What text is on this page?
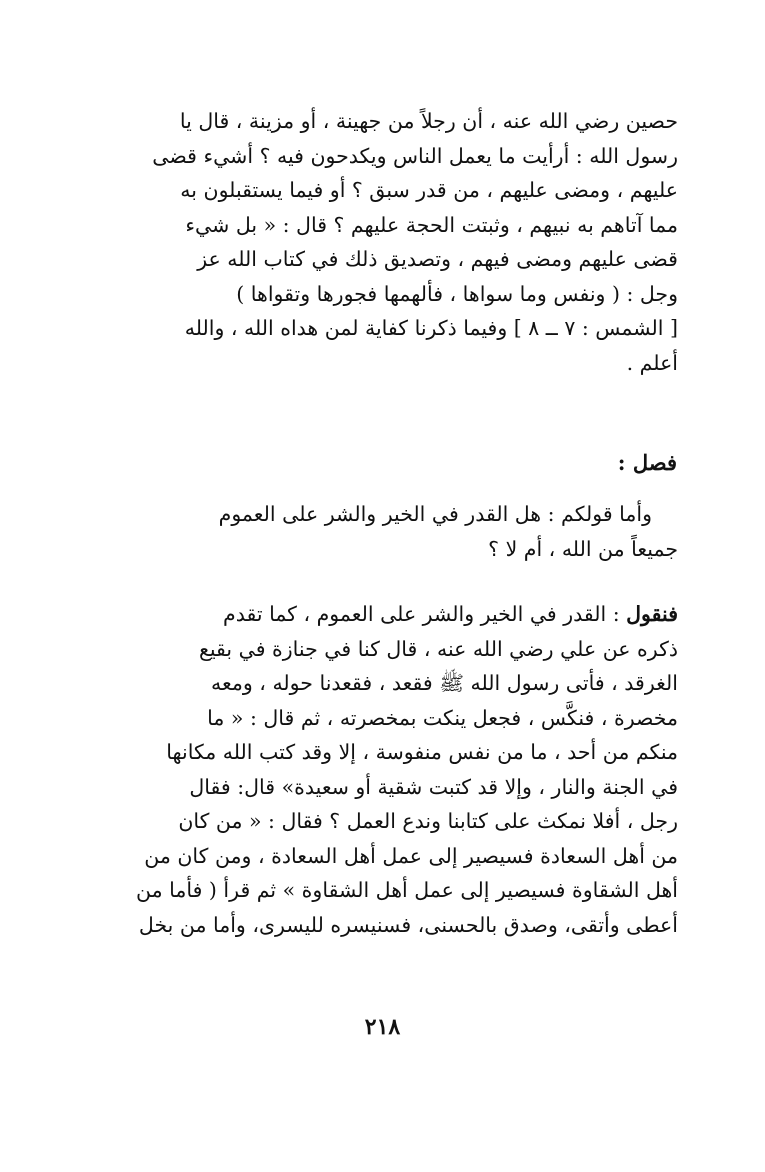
حصين رضي الله عنه ، أن رجلاً من جهينة ، أو مزينة ، قال يا
رسول الله : أرأيت ما يعمل الناس ويكدحون فيه ؟ أشيء قضى
عليهم ، ومضى عليهم ، من قدر سبق ؟ أو فيما يستقبلون به
مما آتاهم به نبيهم ، وثبتت الحجة عليهم ؟ قال : « بل شيء
قضى عليهم ومضى فيهم ، وتصديق ذلك في كتاب الله عز
وجل : ( ونفس وما سواها ، فألهمها فجورها وتقواها )
[ الشمس : ٧ ــ ٨ ] وفيما ذكرنا كفاية لمن هداه الله ، والله
أعلم .
فصل :
وأما قولكم : هل القدر في الخير والشر على العموم
جميعاً من الله ، أم لا ؟
فنقول : القدر في الخير والشر على العموم ، كما تقدم
ذكره عن علي رضي الله عنه ، قال كنا في جنازة في بقيع
الغرقد ، فأتى رسول الله ﷺ فقعد ، فقعدنا حوله ، ومعه
مخصرة ، فنكَّس ، فجعل ينكت بمخصرته ، ثم قال : « ما
منكم من أحد ، ما من نفس منفوسة ، إلا وقد كتب الله مكانها
في الجنة والنار ، وإلا قد كتبت شقية أو سعيدة» قال: فقال
رجل ، أفلا نمكث على كتابنا وندع العمل ؟ فقال : « من كان
من أهل السعادة فسيصير إلى عمل أهل السعادة ، ومن كان من
أهل الشقاوة فسيصير إلى عمل أهل الشقاوة » ثم قرأ ( فأما من
أعطى وأتقى، وصدق بالحسنى، فسنيسره لليسرى، وأما من بخل
٢١٨
